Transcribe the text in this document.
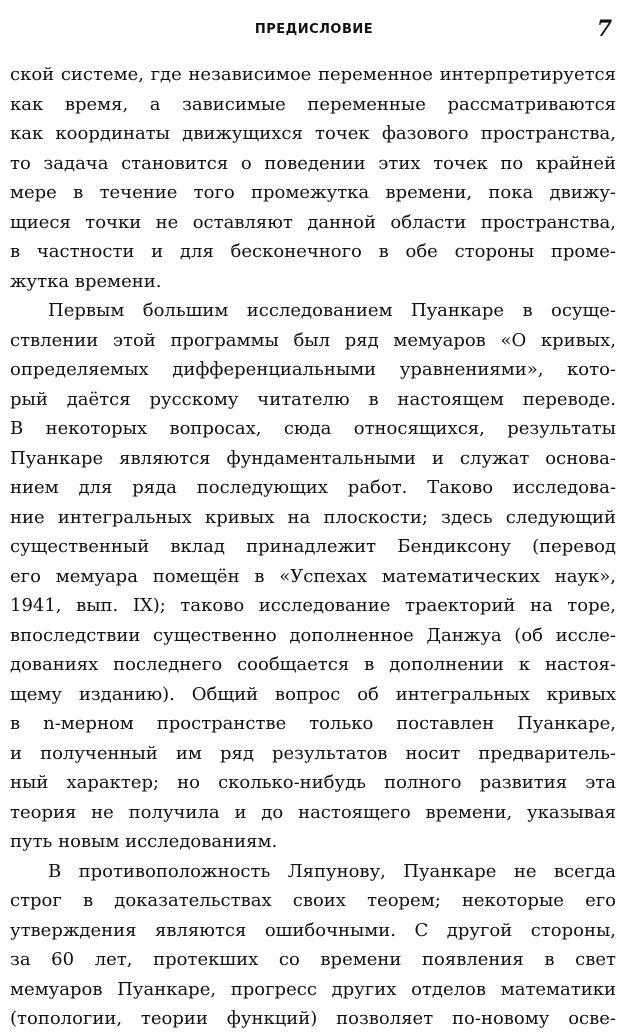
ПРЕДИСЛОВИЕ	7
ской системе, где независимое переменное интерпретируется
как время, а зависимые переменные рассматриваются
как координаты движущихся точек фазового пространства,
то задача становится о поведении этих точек по крайней
мере в течение того промежутка времени, пока движу-
щиеся точки не оставляют данной области пространства,
в частности и для бесконечного в обе стороны проме-
жутка времени.
Первым большим исследованием Пуанкаре в осуще-
ствлении этой программы был ряд мемуаров «О кривых,
определяемых дифференциальными уравнениями», кото-
рый даётся русскому читателю в настоящем переводе.
В некоторых вопросах, сюда относящихся, результаты
Пуанкаре являются фундаментальными и служат основа-
нием для ряда последующих работ. Таково исследова-
ние интегральных кривых на плоскости; здесь следующий
существенный вклад принадлежит Бендиксону (перевод
его мемуара помещён в «Успехах математических наук»,
1941, вып. IX); таково исследование траекторий на торе,
впоследствии существенно дополненное Данжуа (об иссле-
дованиях последнего сообщается в дополнении к настоя-
щему изданию). Общий вопрос об интегральных кривых
в n-мерном пространстве только поставлен Пуанкаре,
и полученный им ряд результатов носит предваритель-
ный характер; но сколько-нибудь полного развития эта
теория не получила и до настоящего времени, указывая
путь новым исследованиям.
В противоположность Ляпунову, Пуанкаре не всегда
строг в доказательствах своих теорем; некоторые его
утверждения являются ошибочными. С другой стороны,
за 60 лет, протекших со времени появления в свет
мемуаров Пуанкаре, прогресс других отделов математики
(топологии, теории функций) позволяет по-новому осве-
